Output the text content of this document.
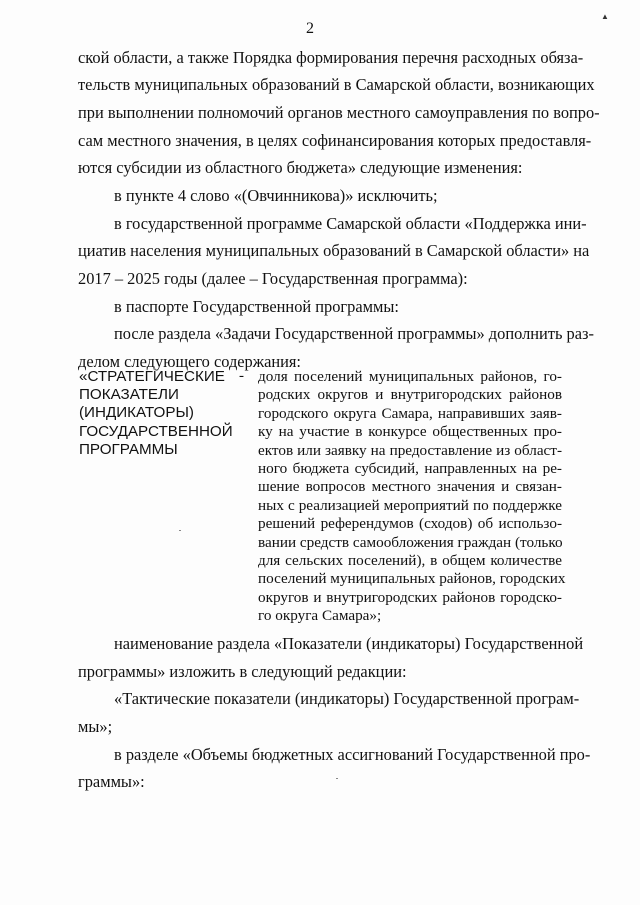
2
▲
ской области, а также Порядка формирования перечня расходных обяза-
тельств муниципальных образований в Самарской области, возникающих
при выполнении полномочий органов местного самоуправления по вопро-
сам местного значения, в целях софинансирования которых предоставля-
ются субсидии из областного бюджета» следующие изменения:
в пункте 4 слово «(Овчинникова)» исключить;
в государственной программе Самарской области «Поддержка ини-
циатив населения муниципальных образований в Самарской области» на
2017 – 2025 годы (далее – Государственная программа):
в паспорте Государственной программы:
после раздела «Задачи Государственной программы» дополнить раз-
делом следующего содержания:
«СТРАТЕГИЧЕСКИЕ
ПОКАЗАТЕЛИ
(ИНДИКАТОРЫ)
ГОСУДАРСТВЕННОЙ
ПРОГРАММЫ
- доля поселений муниципальных районов, го-
родских округов и внутригородских районов
городского округа Самара, направивших заяв-
ку на участие в конкурсе общественных про-
ектов или заявку на предоставление из област-
ного бюджета субсидий, направленных на ре-
шение вопросов местного значения и связан-
ных с реализацией мероприятий по поддержке
решений референдумов (сходов) об использо-
вании средств самообложения граждан (только
для сельских поселений), в общем количестве
поселений муниципальных районов, городских
округов и внутригородских районов городско-
го округа Самара»;
наименование раздела «Показатели (индикаторы) Государственной
программы» изложить в следующий редакции:
«Тактические показатели (индикаторы) Государственной програм-
мы»;
в разделе «Объемы бюджетных ассигнований Государственной про-
граммы»:
